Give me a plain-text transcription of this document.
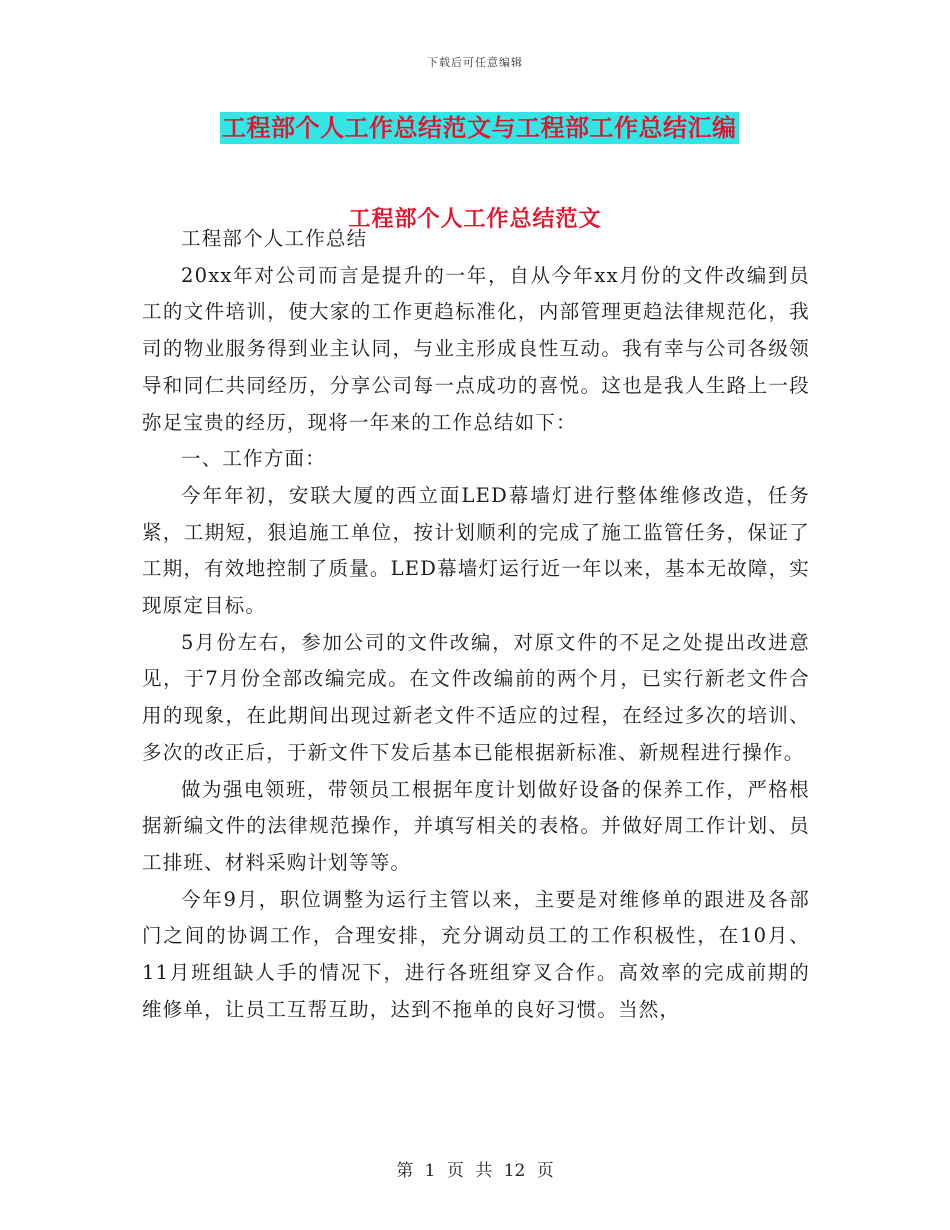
下载后可任意编辑
工程部个人工作总结范文与工程部工作总结汇编
工程部个人工作总结范文

工程部个人工作总结

20xx年对公司而言是提升的一年，自从今年xx月份的文件改编到员工的文件培训，使大家的工作更趋标准化，内部管理更趋法律规范化，我司的物业服务得到业主认同，与业主形成良性互动。我有幸与公司各级领导和同仁共同经历，分享公司每一点成功的喜悦。这也是我人生路上一段弥足宝贵的经历，现将一年来的工作总结如下：

一、工作方面：

今年年初，安联大厦的西立面LED幕墙灯进行整体维修改造，任务紧，工期短，狠追施工单位，按计划顺利的完成了施工监管任务，保证了工期，有效地控制了质量。LED幕墙灯运行近一年以来，基本无故障，实现原定目标。

5月份左右，参加公司的文件改编，对原文件的不足之处提出改进意见，于7月份全部改编完成。在文件改编前的两个月，已实行新老文件合用的现象，在此期间出现过新老文件不适应的过程，在经过多次的培训、多次的改正后，于新文件下发后基本已能根据新标准、新规程进行操作。

做为强电领班，带领员工根据年度计划做好设备的保养工作，严格根据新编文件的法律规范操作，并填写相关的表格。并做好周工作计划、员工排班、材料采购计划等等。

今年9月，职位调整为运行主管以来，主要是对维修单的跟进及各部门之间的协调工作，合理安排，充分调动员工的工作积极性，在10月、11月班组缺人手的情况下，进行各班组穿叉合作。高效率的完成前期的维修单，让员工互帮互助，达到不拖单的良好习惯。当然，

第 1 页 共 12 页
